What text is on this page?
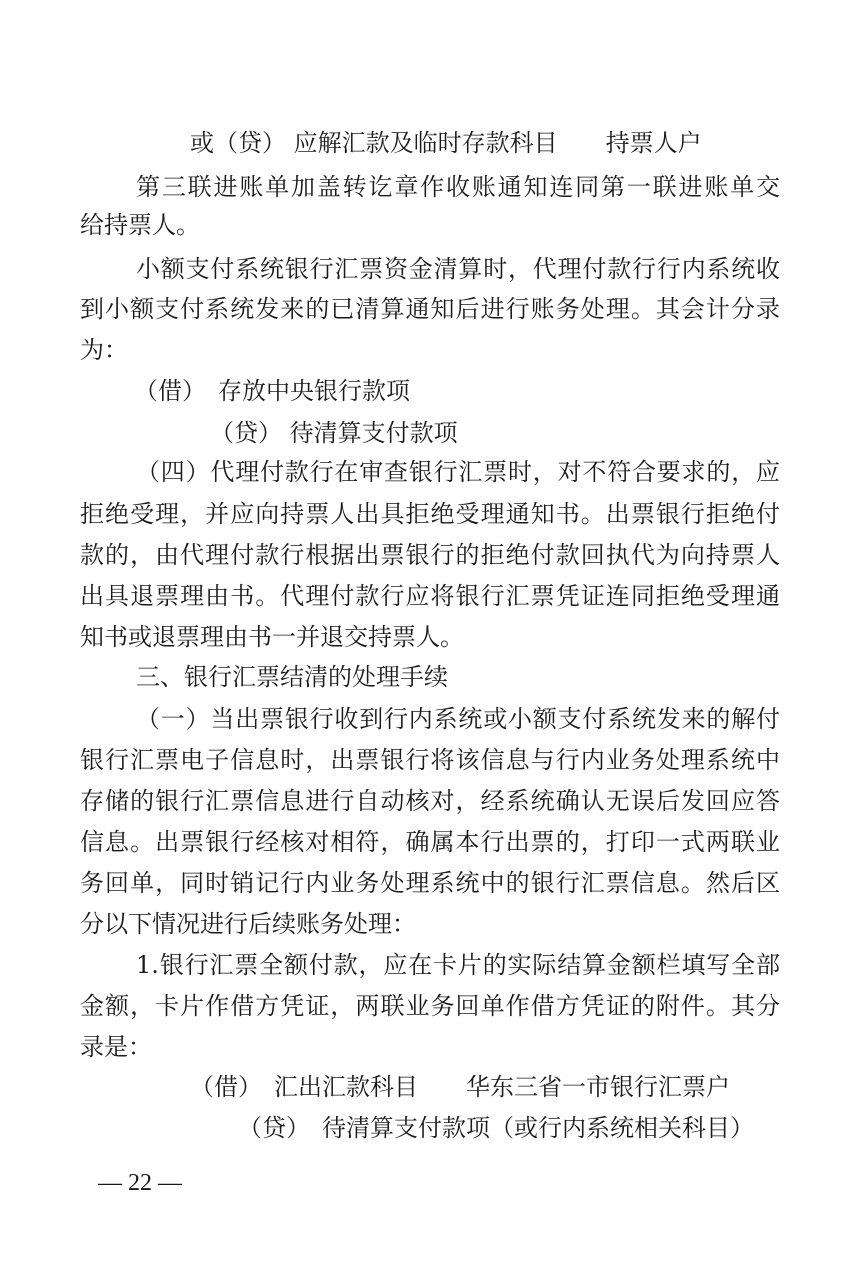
或（贷） 应解汇款及临时存款科目　　持票人户
第三联进账单加盖转讫章作收账通知连同第一联进账单交
给持票人。
小额支付系统银行汇票资金清算时，代理付款行行内系统收
到小额支付系统发来的已清算通知后进行账务处理。其会计分录
为：
（借）　存放中央银行款项
（贷） 待清算支付款项
（四）代理付款行在审查银行汇票时，对不符合要求的，应
拒绝受理，并应向持票人出具拒绝受理通知书。出票银行拒绝付
款的，由代理付款行根据出票银行的拒绝付款回执代为向持票人
出具退票理由书。代理付款行应将银行汇票凭证连同拒绝受理通
知书或退票理由书一并退交持票人。
三、银行汇票结清的处理手续
（一）当出票银行收到行内系统或小额支付系统发来的解付
银行汇票电子信息时，出票银行将该信息与行内业务处理系统中
存储的银行汇票信息进行自动核对，经系统确认无误后发回应答
信息。出票银行经核对相符，确属本行出票的，打印一式两联业
务回单，同时销记行内业务处理系统中的银行汇票信息。然后区
分以下情况进行后续账务处理：
1.银行汇票全额付款，应在卡片的实际结算金额栏填写全部
金额，卡片作借方凭证，两联业务回单作借方凭证的附件。其分
录是：
（借）　汇出汇款科目　　华东三省一市银行汇票户
（贷）　待清算支付款项（或行内系统相关科目）
— 22 —
